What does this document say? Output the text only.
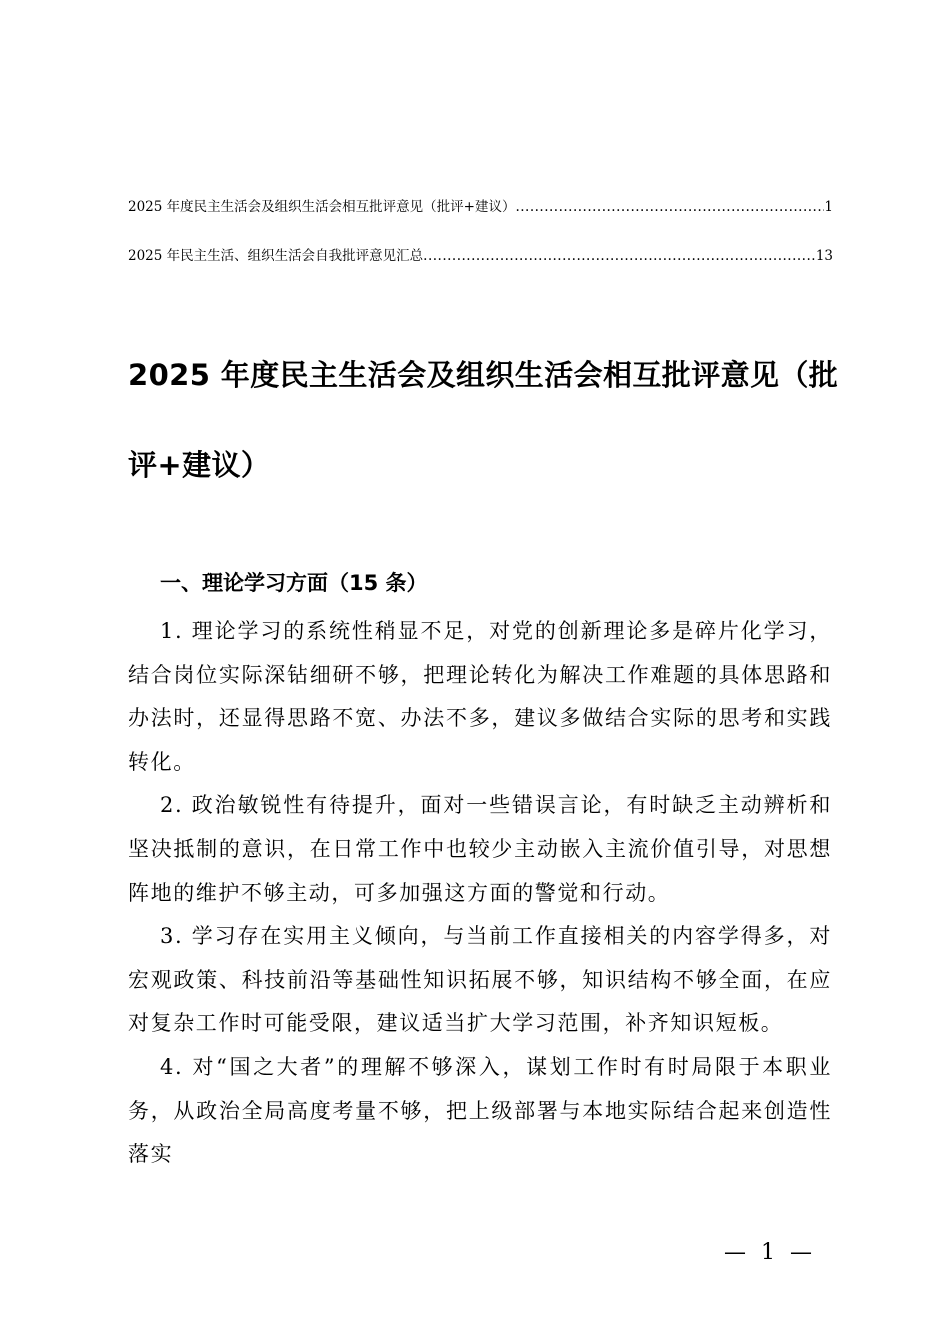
2025 年度民主生活会及组织生活会相互批评意见（批评+建议） .....	1
2025 年民主生活、组织生活会自我批评意见汇总 .....	13
2025 年度民主生活会及组织生活会相互批评意见（批评+建议）
一、理论学习方面（15 条）

1. 理论学习的系统性稍显不足，对党的创新理论多是碎片化学习，结合岗位实际深钻细研不够，把理论转化为解决工作难题的具体思路和办法时，还显得思路不宽、办法不多，建议多做结合实际的思考和实践转化。

2. 政治敏锐性有待提升，面对一些错误言论，有时缺乏主动辨析和坚决抵制的意识，在日常工作中也较少主动嵌入主流价值引导，对思想阵地的维护不够主动，可多加强这方面的警觉和行动。

3. 学习存在实用主义倾向，与当前工作直接相关的内容学得多，对宏观政策、科技前沿等基础性知识拓展不够，知识结构不够全面，在应对复杂工作时可能受限，建议适当扩大学习范围，补齐知识短板。

4. 对“国之大者”的理解不够深入，谋划工作时有时局限于本职业务，从政治全局高度考量不够，把上级部署与本地实际结合起来创造性落实

— 1 —
